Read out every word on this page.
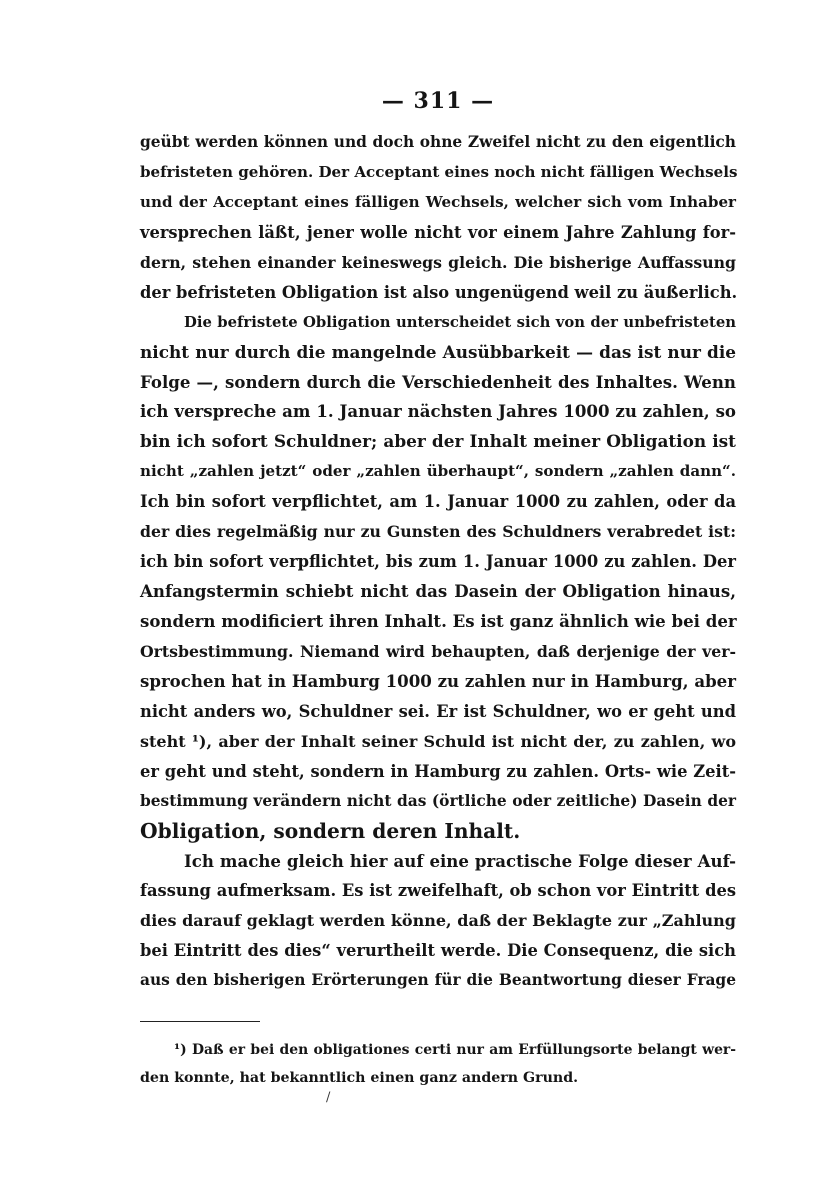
— 311 —
geübt werden können und doch ohne Zweifel nicht zu den eigentlich
befristeten gehören. Der Acceptant eines noch nicht fälligen Wechsels
und der Acceptant eines fälligen Wechsels, welcher sich vom Inhaber
versprechen läßt, jener wolle nicht vor einem Jahre Zahlung for-
dern, stehen einander keineswegs gleich. Die bisherige Auffassung
der befristeten Obligation ist also ungenügend weil zu äußerlich.
Die befristete Obligation unterscheidet sich von der unbefristeten
nicht nur durch die mangelnde Ausübbarkeit — das ist nur die
Folge —, sondern durch die Verschiedenheit des Inhaltes. Wenn
ich verspreche am 1. Januar nächsten Jahres 1000 zu zahlen, so
bin ich sofort Schuldner; aber der Inhalt meiner Obligation ist
nicht „zahlen jetzt“ oder „zahlen überhaupt“, sondern „zahlen dann“.
Ich bin sofort verpflichtet, am 1. Januar 1000 zu zahlen, oder da
der dies regelmäßig nur zu Gunsten des Schuldners verabredet ist:
ich bin sofort verpflichtet, bis zum 1. Januar 1000 zu zahlen. Der
Anfangstermin schiebt nicht das Dasein der Obligation hinaus,
sondern modificiert ihren Inhalt. Es ist ganz ähnlich wie bei der
Ortsbestimmung. Niemand wird behaupten, daß derjenige der ver-
sprochen hat in Hamburg 1000 zu zahlen nur in Hamburg, aber
nicht anders wo, Schuldner sei. Er ist Schuldner, wo er geht und
steht ¹), aber der Inhalt seiner Schuld ist nicht der, zu zahlen, wo
er geht und steht, sondern in Hamburg zu zahlen. Orts- wie Zeit-
bestimmung verändern nicht das (örtliche oder zeitliche) Dasein der
Obligation, sondern deren Inhalt.
Ich mache gleich hier auf eine practische Folge dieser Auf-
fassung aufmerksam. Es ist zweifelhaft, ob schon vor Eintritt des
dies darauf geklagt werden könne, daß der Beklagte zur „Zahlung
bei Eintritt des dies“ verurtheilt werde. Die Consequenz, die sich
aus den bisherigen Erörterungen für die Beantwortung dieser Frage
¹) Daß er bei den obligationes certi nur am Erfüllungsorte belangt wer-
den konnte, hat bekanntlich einen ganz andern Grund.
/
